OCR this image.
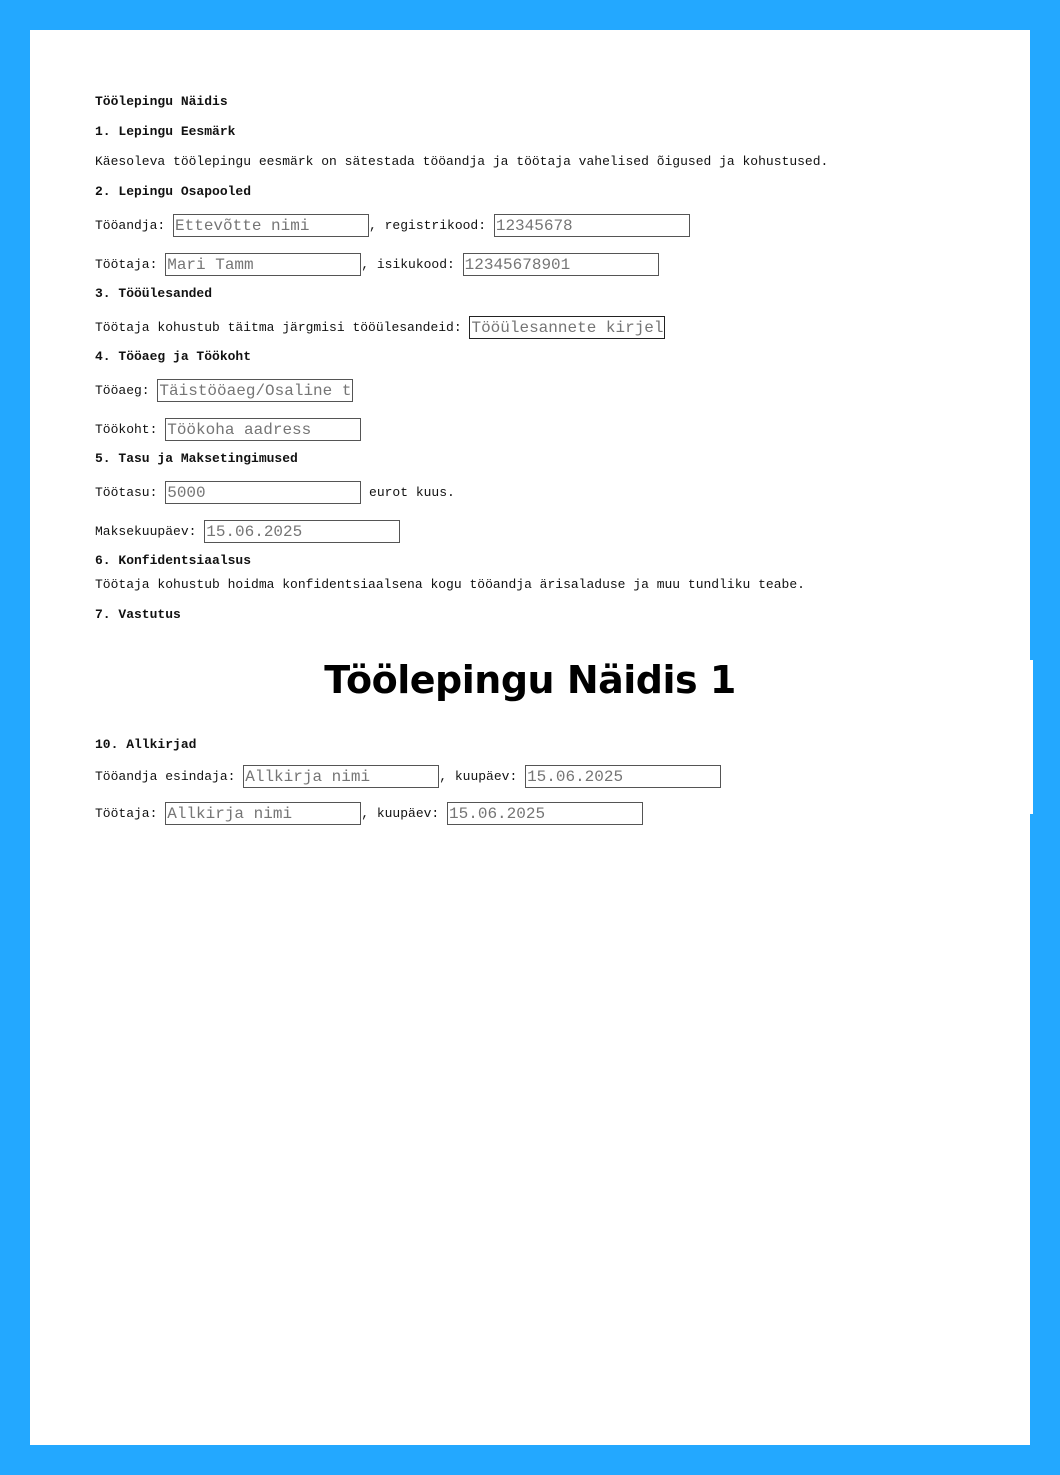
Töölepingu Näidis
1. Lepingu Eesmärk
Käesoleva töölepingu eesmärk on sätestada tööandja ja töötaja vahelised õigused ja kohustused.
2. Lepingu Osapooled
Tööandja:
Ettevõtte nimi	, registrikood:
12345678
Töötaja:
Mari Tamm	, isikukood:
12345678901
3. Tööülesanded
Töötaja kohustub täitma järgmisi tööülesandeid:
Tööülesannete kirjel
4. Tööaeg ja Töökoht
Tööaeg:
Täistööaeg/Osaline t
Töökoht:
Töökoha aadress
5. Tasu ja Maksetingimused
Töötasu:
5000	eurot kuus.
Maksekuupäev:
15.06.2025
6. Konfidentsiaalsus
Töötaja kohustub hoidma konfidentsiaalsena kogu tööandja ärisaladuse ja muu tundliku teabe.
7. Vastutus
Töölepingu Näidis 1
10. Allkirjad
Tööandja esindaja:
Allkirja nimi	, kuupäev:
15.06.2025
Töötaja:
Allkirja nimi	, kuupäev:
15.06.2025
